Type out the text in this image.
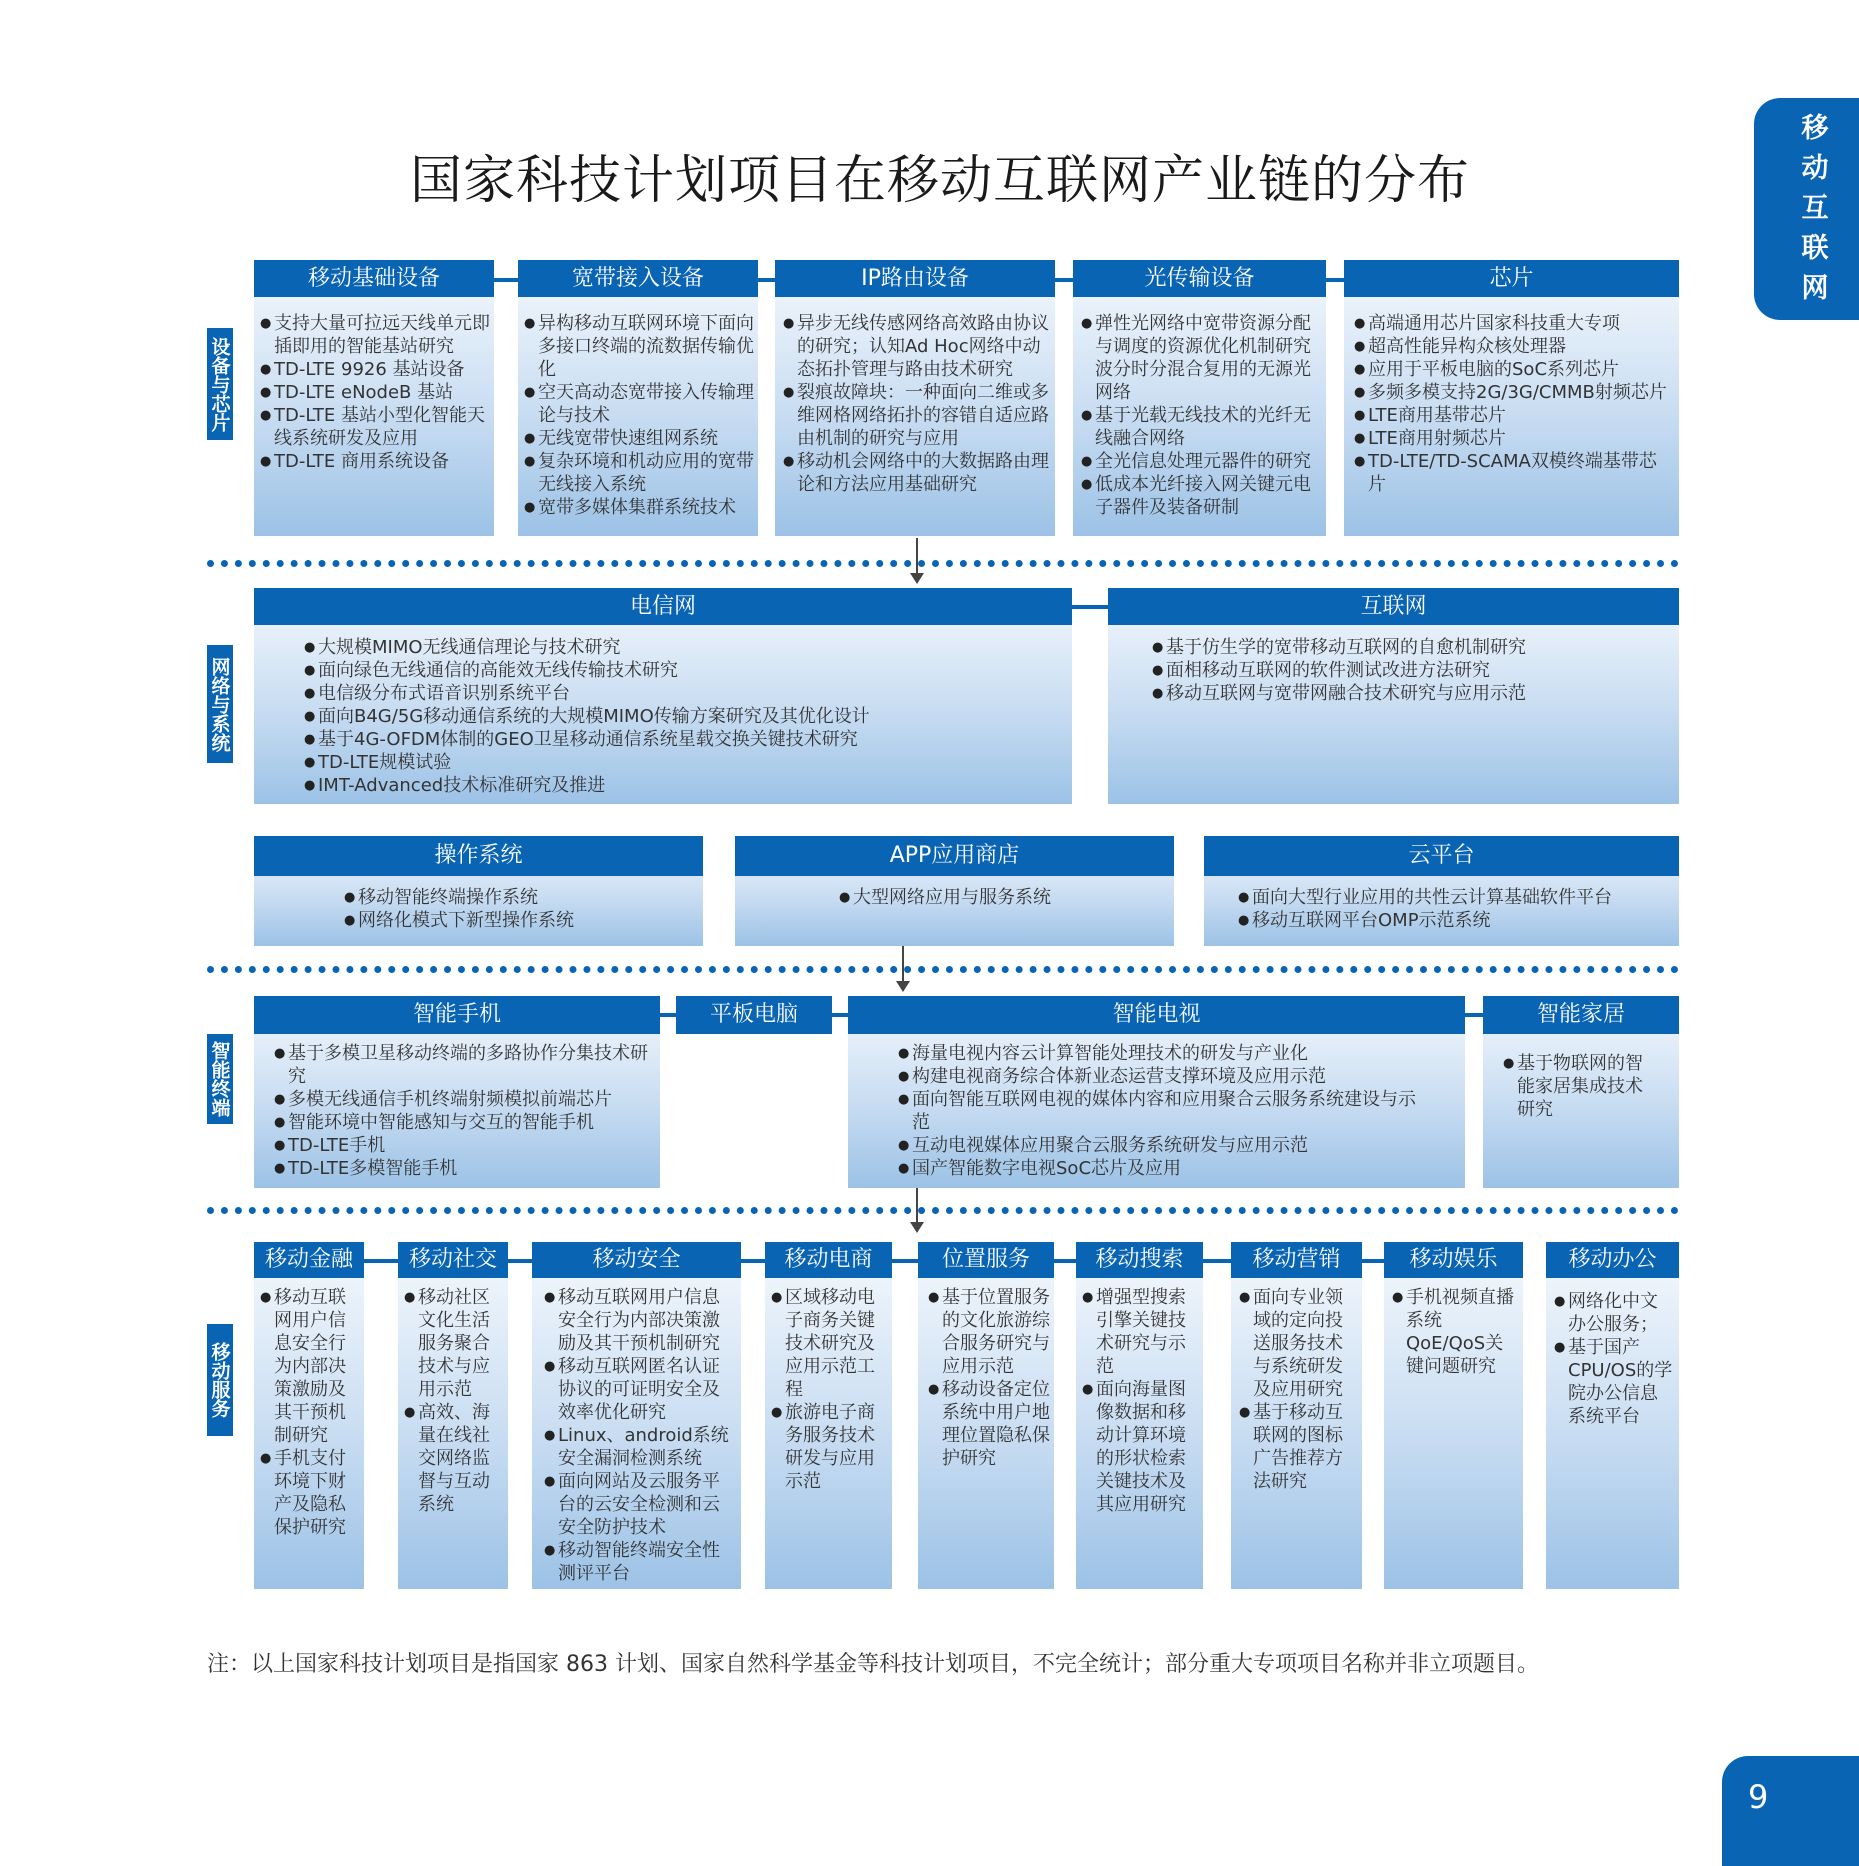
国家科技计划项目在移动互联网产业链的分布
移
动
互
联
网
9
设备与芯片
网络与系统
智能终端
移动服务
移动基础设备
● 支持大量可拉远天线单元即插即用的智能基站研究
● TD-LTE 9926 基站设备
● TD-LTE eNodeB 基站
● TD-LTE 基站小型化智能天线系统研发及应用
● TD-LTE 商用系统设备
宽带接入设备
● 异构移动互联网环境下面向多接口终端的流数据传输优化
● 空天高动态宽带接入传输理论与技术
● 无线宽带快速组网系统
● 复杂环境和机动应用的宽带无线接入系统
● 宽带多媒体集群系统技术
IP路由设备
● 异步无线传感网络高效路由协议的研究；认知Ad Hoc网络中动态拓扑管理与路由技术研究
● 裂痕故障块：一种面向二维或多维网格网络拓扑的容错自适应路由机制的研究与应用
● 移动机会网络中的大数据路由理论和方法应用基础研究
光传输设备
● 弹性光网络中宽带资源分配与调度的资源优化机制研究波分时分混合复用的无源光网络
● 基于光载无线技术的光纤无线融合网络
● 全光信息处理元器件的研究
● 低成本光纤接入网关键元电子器件及装备研制
芯片
● 高端通用芯片国家科技重大专项
● 超高性能异构众核处理器
● 应用于平板电脑的SoC系列芯片
● 多频多模支持2G/3G/CMMB射频芯片
● LTE商用基带芯片
● LTE商用射频芯片
● TD-LTE/TD-SCAMA双模终端基带芯片
电信网
● 大规模MIMO无线通信理论与技术研究
● 面向绿色无线通信的高能效无线传输技术研究
● 电信级分布式语音识别系统平台
● 面向B4G/5G移动通信系统的大规模MIMO传输方案研究及其优化设计
● 基于4G-OFDM体制的GEO卫星移动通信系统星载交换关键技术研究
● TD-LTE规模试验
● IMT-Advanced技术标准研究及推进
互联网
● 基于仿生学的宽带移动互联网的自愈机制研究
● 面相移动互联网的软件测试改进方法研究
● 移动互联网与宽带网融合技术研究与应用示范
操作系统
● 移动智能终端操作系统
● 网络化模式下新型操作系统
APP应用商店
● 大型网络应用与服务系统
云平台
● 面向大型行业应用的共性云计算基础软件平台
● 移动互联网平台OMP示范系统
智能手机
● 基于多模卫星移动终端的多路协作分集技术研究
● 多模无线通信手机终端射频模拟前端芯片
● 智能环境中智能感知与交互的智能手机
● TD-LTE手机
● TD-LTE多模智能手机
平板电脑	智能电视
● 海量电视内容云计算智能处理技术的研发与产业化
● 构建电视商务综合体新业态运营支撑环境及应用示范
● 面向智能互联网电视的媒体内容和应用聚合云服务系统建设与示范
● 互动电视媒体应用聚合云服务系统研发与应用示范
● 国产智能数字电视SoC芯片及应用
智能家居
● 基于物联网的智能家居集成技术研究
移动金融
● 移动互联网用户信息安全行为内部决策激励及其干预机制研究
● 手机支付环境下财产及隐私保护研究
移动社交
● 移动社区文化生活服务聚合技术与应用示范
● 高效、海量在线社交网络监督与互动系统
移动安全
● 移动互联网用户信息安全行为内部决策激励及其干预机制研究
● 移动互联网匿名认证协议的可证明安全及效率优化研究
● Linux、android系统安全漏洞检测系统
● 面向网站及云服务平台的云安全检测和云安全防护技术
● 移动智能终端安全性测评平台
移动电商
● 区域移动电子商务关键技术研究及应用示范工程
● 旅游电子商务服务技术研发与应用示范
位置服务
● 基于位置服务的文化旅游综合服务研究与应用示范
● 移动设备定位系统中用户地理位置隐私保护研究
移动搜索
● 增强型搜索引擎关键技术研究与示范
● 面向海量图像数据和移动计算环境的形状检索关键技术及其应用研究
移动营销
● 面向专业领域的定向投送服务技术与系统研发及应用研究
● 基于移动互联网的图标广告推荐方法研究
移动娱乐
● 手机视频直播系统QoE/QoS关键问题研究
移动办公
● 网络化中文办公服务；
● 基于国产CPU/OS的学院办公信息系统平台
注：以上国家科技计划项目是指国家 863 计划、国家自然科学基金等科技计划项目，不完全统计；部分重大专项项目名称并非立项题目。
